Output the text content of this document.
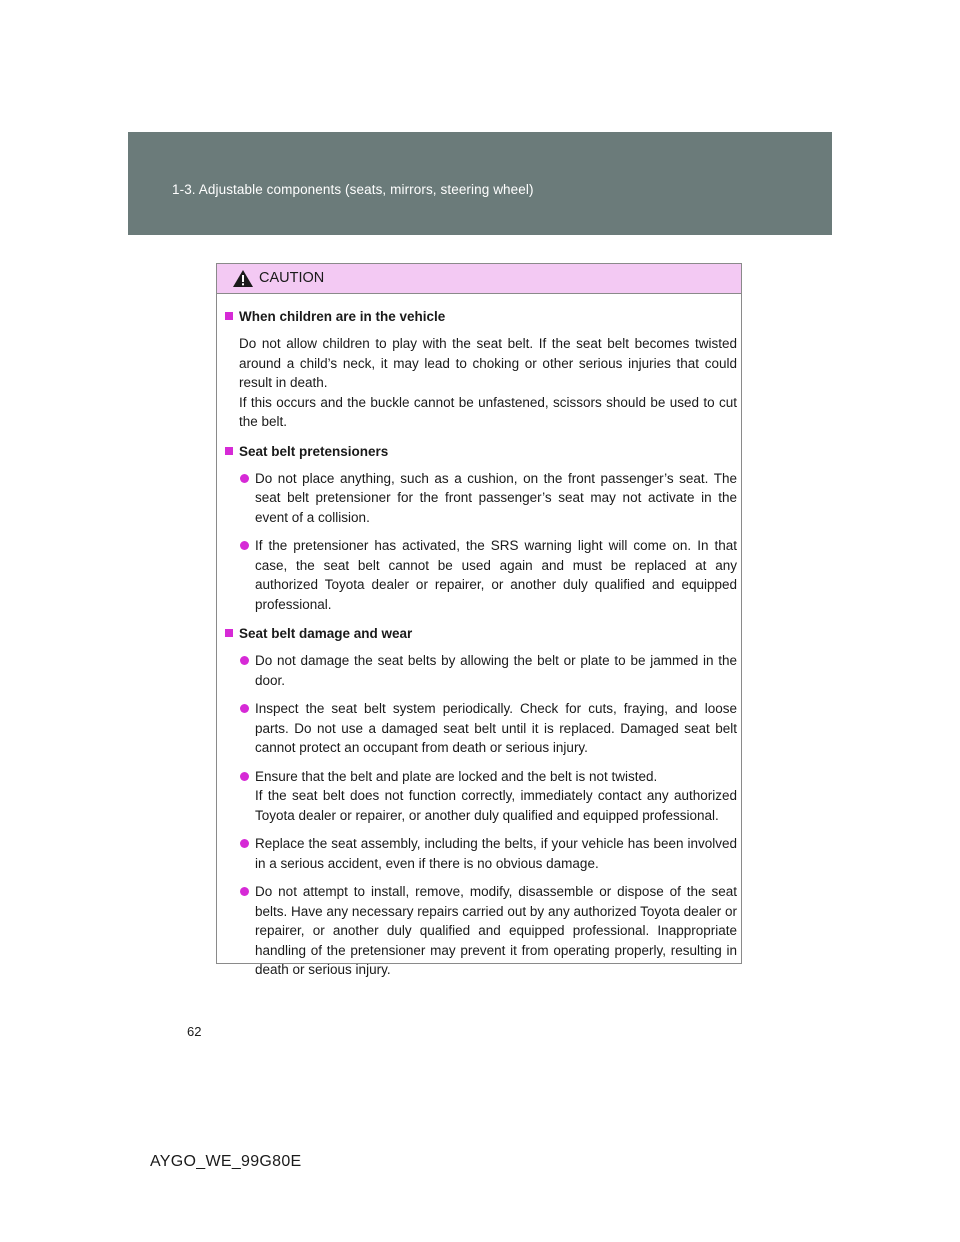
1-3. Adjustable components (seats, mirrors, steering wheel)
CAUTION
When children are in the vehicle

Do not allow children to play with the seat belt. If the seat belt becomes twisted around a child’s neck, it may lead to choking or other serious injuries that could result in death.

If this occurs and the buckle cannot be unfastened, scissors should be used to cut the belt.

Seat belt pretensioners

Do not place anything, such as a cushion, on the front passenger’s seat. The seat belt pretensioner for the front passenger’s seat may not activate in the event of a collision.

If the pretensioner has activated, the SRS warning light will come on. In that case, the seat belt cannot be used again and must be replaced at any authorized Toyota dealer or repairer, or another duly qualified and equipped professional.

Seat belt damage and wear

Do not damage the seat belts by allowing the belt or plate to be jammed in the door.

Inspect the seat belt system periodically. Check for cuts, fraying, and loose parts. Do not use a damaged seat belt until it is replaced. Damaged seat belt cannot protect an occupant from death or serious injury.

Ensure that the belt and plate are locked and the belt is not twisted.

If the seat belt does not function correctly, immediately contact any authorized Toyota dealer or repairer, or another duly qualified and equipped professional.

Replace the seat assembly, including the belts, if your vehicle has been involved in a serious accident, even if there is no obvious damage.

Do not attempt to install, remove, modify, disassemble or dispose of the seat belts. Have any necessary repairs carried out by any authorized Toyota dealer or repairer, or another duly qualified and equipped professional. Inappropriate handling of the pretensioner may prevent it from operating properly, resulting in death or serious injury.

62
AYGO_WE_99G80E
